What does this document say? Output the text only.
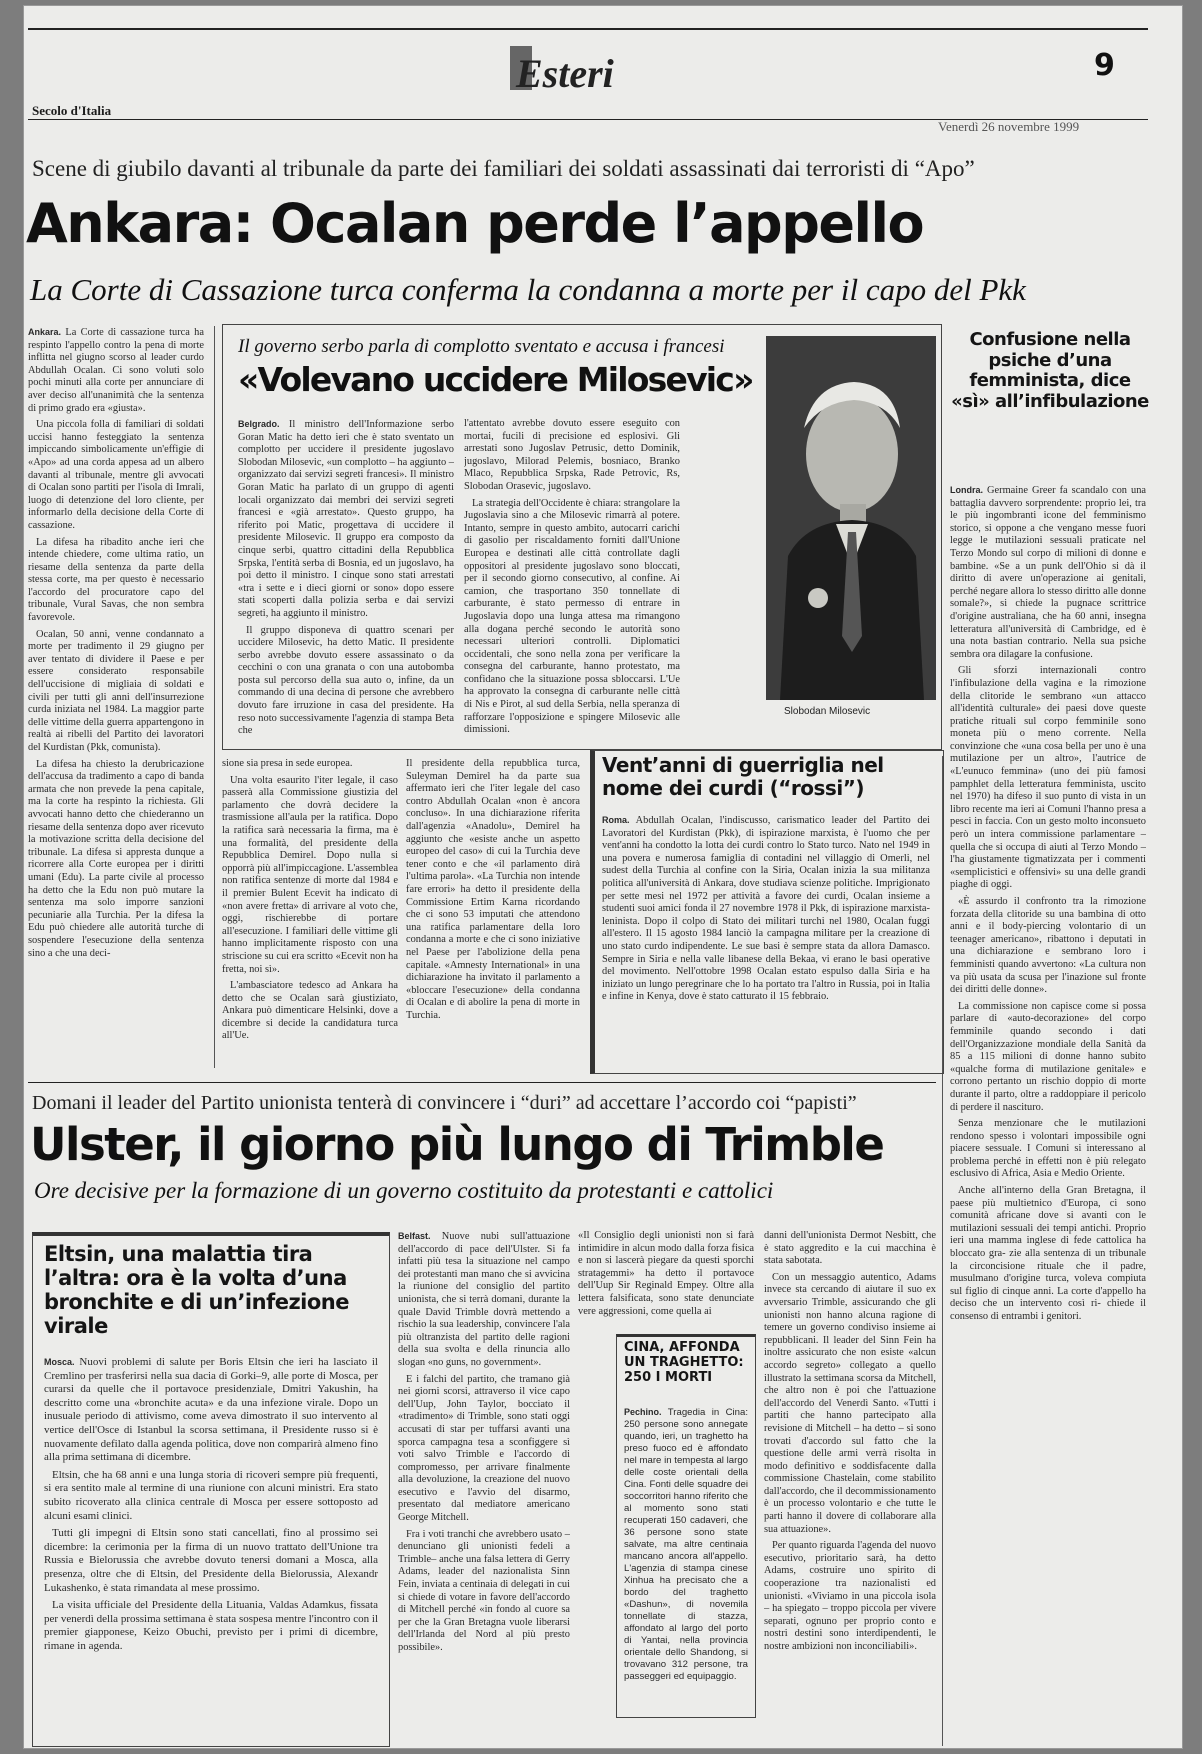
Esteri	9
Secolo d'Italia
Venerdì 26 novembre 1999
Scene di giubilo davanti al tribunale da parte dei familiari dei soldati assassinati dai terroristi di “Apo”
Ankara: Ocalan perde l’appello
La Corte di Cassazione turca conferma la condanna a morte per il capo del Pkk

Ankara. La Corte di cassazione turca ha respinto l'appello contro la pena di morte inflitta nel giugno scorso al leader curdo Abdullah Ocalan. Ci sono voluti solo pochi minuti alla corte per annunciare di aver deciso all'unanimità che la sentenza di primo grado era «giusta».

Una piccola folla di familiari di soldati uccisi hanno festeggiato la sentenza impiccando simbolicamente un'effigie di «Apo» ad una corda appesa ad un albero davanti al tribunale, mentre gli avvocati di Ocalan sono partiti per l'isola di Imrali, luogo di detenzione del loro cliente, per informarlo della decisione della Corte di cassazione.

La difesa ha ribadito anche ieri che intende chiedere, come ultima ratio, un riesame della sentenza da parte della stessa corte, ma per questo è necessario l'accordo del procuratore capo del tribunale, Vural Savas, che non sembra favorevole.

Ocalan, 50 anni, venne condannato a morte per tradimento il 29 giugno per aver tentato di dividere il Paese e per essere considerato responsabile dell'uccisione di migliaia di soldati e civili per tutti gli anni dell'insurrezione curda iniziata nel 1984. La maggior parte delle vittime della guerra appartengono in realtà ai ribelli del Partito dei lavoratori del Kurdistan (Pkk, comunista).

La difesa ha chiesto la derubricazione dell'accusa da tradimento a capo di banda armata che non prevede la pena capitale, ma la corte ha respinto la richiesta. Gli avvocati hanno detto che chiederanno un riesame della sentenza dopo aver ricevuto la motivazione scritta della decisione del tribunale. La difesa si appresta dunque a ricorrere alla Corte europea per i diritti umani (Edu). La parte civile al processo ha detto che la Edu non può mutare la sentenza ma solo imporre sanzioni pecuniarie alla Turchia. Per la difesa la Edu può chiedere alle autorità turche di sospendere l'esecuzione della sentenza sino a che una deci-

sione sia presa in sede europea.

Una volta esaurito l'iter legale, il caso passerà alla Commissione giustizia del parlamento che dovrà decidere la trasmissione all'aula per la ratifica. Dopo la ratifica sarà necessaria la firma, ma è una formalità, del presidente della Repubblica Demirel. Dopo nulla si opporrà più all'impiccagione. L'assemblea non ratifica sentenze di morte dal 1984 e il premier Bulent Ecevit ha indicato di «non avere fretta» di arrivare al voto che, oggi, rischierebbe di portare all'esecuzione. I familiari delle vittime gli hanno implicitamente risposto con una striscione su cui era scritto «Ecevit non ha fretta, noi sì».

L'ambasciatore tedesco ad Ankara ha detto che se Ocalan sarà giustiziato, Ankara può dimenticare Helsinki, dove a dicembre si decide la candidatura turca all'Ue.

Il presidente della repubblica turca, Suleyman Demirel ha da parte sua affermato ieri che l'iter legale del caso contro Abdullah Ocalan «non è ancora concluso». In una dichiarazione riferita dall'agenzia «Anadolu», Demirel ha aggiunto che «esiste anche un aspetto europeo del caso» di cui la Turchia deve tener conto e che «il parlamento dirà l'ultima parola». «La Turchia non intende fare errori» ha detto il presidente della Commissione Ertim Karna ricordando che ci sono 53 imputati che attendono una ratifica parlamentare della loro condanna a morte e che ci sono iniziative nel Paese per l'abolizione della pena capitale. «Amnesty International» in una dichiarazione ha invitato il parlamento a «bloccare l'esecuzione» della condanna di Ocalan e di abolire la pena di morte in Turchia.

Il governo serbo parla di complotto sventato e accusa i francesi
«Volevano uccidere Milosevic»

Belgrado. Il ministro dell'Informazione serbo Goran Matic ha detto ieri che è stato sventato un complotto per uccidere il presidente jugoslavo Slobodan Milosevic, «un complotto – ha aggiunto – organizzato dai servizi segreti francesi». Il ministro Goran Matic ha parlato di un gruppo di agenti locali organizzato dai membri dei servizi segreti francesi e «già arrestato». Questo gruppo, ha riferito poi Matic, progettava di uccidere il presidente Milosevic. Il gruppo era composto da cinque serbi, quattro cittadini della Repubblica Srpska, l'entità serba di Bosnia, ed un jugoslavo, ha poi detto il ministro. I cinque sono stati arrestati «tra i sette e i dieci giorni or sono» dopo essere stati scoperti dalla polizia serba e dai servizi segreti, ha aggiunto il ministro.

Il gruppo disponeva di quattro scenari per uccidere Milosevic, ha detto Matic. Il presidente serbo avrebbe dovuto essere assassinato o da cecchini o con una granata o con una autobomba posta sul percorso della sua auto o, infine, da un commando di una decina di persone che avrebbero dovuto fare irruzione in casa del presidente. Ha reso noto successivamente l'agenzia di stampa Beta che

l'attentato avrebbe dovuto essere eseguito con mortai, fucili di precisione ed esplosivi. Gli arrestati sono Jugoslav Petrusic, detto Dominik, jugoslavo, Milorad Pelemis, bosniaco, Branko Mlaco, Repubblica Srpska, Rade Petrovic, Rs, Slobodan Orasevic, jugoslavo.

La strategia dell'Occidente è chiara: strangolare la Jugoslavia sino a che Milosevic rimarrà al potere. Intanto, sempre in questo ambito, autocarri carichi di gasolio per riscaldamento forniti dall'Unione Europea e destinati alle città controllate dagli oppositori al presidente jugoslavo sono bloccati, per il secondo giorno consecutivo, al confine. Ai camion, che trasportano 350 tonnellate di carburante, è stato permesso di entrare in Jugoslavia dopo una lunga attesa ma rimangono alla dogana perché secondo le autorità sono necessari ulteriori controlli. Diplomatici occidentali, che sono nella zona per verificare la consegna del carburante, hanno protestato, ma confidano che la situazione possa sbloccarsi. L'Ue ha approvato la consegna di carburante nelle città di Nis e Pirot, al sud della Serbia, nella speranza di rafforzare l'opposizione e spingere Milosevic alle dimissioni.

Slobodan Milosevic
Confusione nella psiche d’una femminista, dice «sì» all’infibulazione

Londra. Germaine Greer fa scandalo con una battaglia davvero sorprendente: proprio lei, tra le più ingombranti icone del femminismo storico, si oppone a che vengano messe fuori legge le mutilazioni sessuali praticate nel Terzo Mondo sul corpo di milioni di donne e bambine. «Se a un punk dell'Ohio si dà il diritto di avere un'operazione ai genitali, perché negare allora lo stesso diritto alle donne somale?», si chiede la pugnace scrittrice d'origine australiana, che ha 60 anni, insegna letteratura all'università di Cambridge, ed è una nota bastian contrario. Nella sua psiche sembra ora dilagare la confusione.

Gli sforzi internazionali contro l'infibulazione della vagina e la rimozione della clitoride le sembrano «un attacco all'identità culturale» dei paesi dove queste pratiche rituali sul corpo femminile sono moneta più o meno corrente. Nella convinzione che «una cosa bella per uno è una mutilazione per un altro», l'autrice de «L'eunuco femmina» (uno dei più famosi pamphlet della letteratura femminista, uscito nel 1970) ha difeso il suo punto di vista in un libro recente ma ieri ai Comuni l'hanno presa a pesci in faccia. Con un gesto molto inconsueto però un intera commissione parlamentare – quella che si occupa di aiuti al Terzo Mondo – l'ha giustamente tigmatizzata per i commenti «semplicistici e offensivi» su una delle grandi piaghe di oggi.

«È assurdo il confronto tra la rimozione forzata della clitoride su una bambina di otto anni e il body-piercing volontario di un teenager americano», ribattono i deputati in una dichiarazione e sembrano loro i femministi quando avvertono: «La cultura non va più usata da scusa per l'inazione sul fronte dei diritti delle donne».

La commissione non capisce come si possa parlare di «auto-decorazione» del corpo femminile quando secondo i dati dell'Organizzazione mondiale della Sanità da 85 a 115 milioni di donne hanno subito «qualche forma di mutilazione genitale» e corrono pertanto un rischio doppio di morte durante il parto, oltre a raddoppiare il pericolo di perdere il nascituro.

Senza menzionare che le mutilazioni rendono spesso i volontari impossibile ogni piacere sessuale. I Comuni si interessano al problema perché in effetti non è più relegato esclusivo di Africa, Asia e Medio Oriente.

Anche all'interno della Gran Bretagna, il paese più multietnico d'Europa, ci sono comunità africane dove si avanti con le mutilazioni sessuali dei tempi antichi. Proprio ieri una mamma inglese di fede cattolica ha bloccato gra- zie alla sentenza di un tribunale la circoncisione rituale che il padre, musulmano d'origine turca, voleva compiuta sul figlio di cinque anni. La corte d'appello ha deciso che un intervento così ri- chiede il consenso di entrambi i genitori.

Vent’anni di guerriglia nel nome dei curdi (“rossi”)

Roma. Abdullah Ocalan, l'indiscusso, carismatico leader del Partito dei Lavoratori del Kurdistan (Pkk), di ispirazione marxista, è l'uomo che per vent'anni ha condotto la lotta dei curdi contro lo Stato turco. Nato nel 1949 in una povera e numerosa famiglia di contadini nel villaggio di Omerli, nel sudest della Turchia al confine con la Siria, Ocalan inizia la sua militanza politica all'università di Ankara, dove studiava scienze politiche. Imprigionato per sette mesi nel 1972 per attività a favore dei curdi, Ocalan insieme a studenti suoi amici fonda il 27 novembre 1978 il Pkk, di ispirazione marxista-leninista. Dopo il colpo di Stato dei militari turchi nel 1980, Ocalan fuggì all'estero. Il 15 agosto 1984 lanciò la campagna militare per la creazione di uno stato curdo indipendente. Le sue basi è sempre stata da allora Damasco. Sempre in Siria e nella valle libanese della Bekaa, vi erano le basi operative del movimento. Nell'ottobre 1998 Ocalan estato espulso dalla Siria e ha iniziato un lungo peregrinare che lo ha portato tra l'altro in Russia, poi in Italia e infine in Kenya, dove è stato catturato il 15 febbraio.

Domani il leader del Partito unionista tenterà di convincere i “duri” ad accettare l’accordo coi “papisti”
Ulster, il giorno più lungo di Trimble
Ore decisive per la formazione di un governo costituito da protestanti e cattolici

Belfast. Nuove nubi sull'attuazione dell'accordo di pace dell'Ulster. Si fa infatti più tesa la situazione nel campo dei protestanti man mano che si avvicina la riunione del consiglio del partito unionista, che si terrà domani, durante la quale David Trimble dovrà mettendo a rischio la sua leadership, convincere l'ala più oltranzista del partito delle ragioni della sua svolta e della rinuncia allo slogan «no guns, no government».

E i falchi del partito, che tramano già nei giorni scorsi, attraverso il vice capo dell'Uup, John Taylor, bocciato il «tradimento» di Trimble, sono stati oggi accusati di star per tuffarsi avanti una sporca campagna tesa a sconfiggere sì voti salvo Trimble e l'accordo di compromesso, per arrivare finalmente alla devoluzione, la creazione del nuovo esecutivo e l'avvio del disarmo, presentato dal mediatore americano George Mitchell.

Fra i voti tranchi che avrebbero usato – denunciano gli unionisti fedeli a Trimble– anche una falsa lettera di Gerry Adams, leader del nazionalista Sinn Fein, inviata a centinaia di delegati in cui si chiede di votare in favore dell'accordo di Mitchell perché «in fondo al cuore sa per che la Gran Bretagna vuole liberarsi dell'Irlanda del Nord al più presto possibile».

«Il Consiglio degli unionisti non si farà intimidire in alcun modo dalla forza fisica e non si lascerà piegare da questi sporchi stratagemmi» ha detto il portavoce dell'Uup Sir Reginald Empey. Oltre alla lettera falsificata, sono state denunciate vere aggressioni, come quella ai

danni dell'unionista Dermot Nesbitt, che è stato aggredito e la cui macchina è stata sabotata.

Con un messaggio autentico, Adams invece sta cercando di aiutare il suo ex avversario Trimble, assicurando che gli unionisti non hanno alcuna ragione di temere un governo condiviso insieme ai repubblicani. Il leader del Sinn Fein ha inoltre assicurato che non esiste «alcun accordo segreto» collegato a quello illustrato la settimana scorsa da Mitchell, che altro non è poi che l'attuazione dell'accordo del Venerdì Santo. «Tutti i partiti che hanno partecipato alla revisione di Mitchell – ha detto – si sono trovati d'accordo sul fatto che la questione delle armi verrà risolta in modo definitivo e soddisfacente dalla commissione Chastelain, come stabilito dall'accordo, che il decommissionamento è un processo volontario e che tutte le parti hanno il dovere di collaborare alla sua attuazione».

Per quanto riguarda l'agenda del nuovo esecutivo, prioritario sarà, ha detto Adams, costruire uno spirito di cooperazione tra nazionalisti ed unionisti. «Viviamo in una piccola isola – ha spiegato – troppo piccola per vivere separati, ognuno per proprio conto e nostri destini sono interdipendenti, le nostre ambizioni non inconciliabili».

Eltsin, una malattia tira l’altra: ora è la volta d’una bronchite e di un’infezione virale

Mosca. Nuovi problemi di salute per Boris Eltsin che ieri ha lasciato il Cremlino per trasferirsi nella sua dacia di Gorki–9, alle porte di Mosca, per curarsi da quelle che il portavoce presidenziale, Dmitri Yakushin, ha descritto come una «bronchite acuta» e da una infezione virale. Dopo un inusuale periodo di attivismo, come aveva dimostrato il suo intervento al vertice dell'Osce di Istanbul la scorsa settimana, il Presidente russo si è nuovamente defilato dalla agenda politica, dove non comparirà almeno fino alla prima settimana di dicembre.

Eltsin, che ha 68 anni e una lunga storia di ricoveri sempre più frequenti, si era sentito male al termine di una riunione con alcuni ministri. Era stato subito ricoverato alla clinica centrale di Mosca per essere sottoposto ad alcuni esami clinici.

Tutti gli impegni di Eltsin sono stati cancellati, fino al prossimo sei dicembre: la cerimonia per la firma di un nuovo trattato dell'Unione tra Russia e Bielorussia che avrebbe dovuto tenersi domani a Mosca, alla presenza, oltre che di Eltsin, del Presidente della Bielorussia, Alexandr Lukashenko, è stata rimandata al mese prossimo.

La visita ufficiale del Presidente della Lituania, Valdas Adamkus, fissata per venerdì della prossima settimana è stata sospesa mentre l'incontro con il premier giapponese, Keizo Obuchi, previsto per i primi di dicembre, rimane in agenda.

CINA, AFFONDA UN TRAGHETTO: 250 I MORTI

Pechino. Tragedia in Cina: 250 persone sono annegate quando, ieri, un traghetto ha preso fuoco ed è affondato nel mare in tempesta al largo delle coste orientali della Cina. Fonti delle squadre dei soccorritori hanno riferito che al momento sono stati recuperati 150 cadaveri, che 36 persone sono state salvate, ma altre centinaia mancano ancora all'appello. L'agenzia di stampa cinese Xinhua ha precisato che a bordo del traghetto «Dashun», di novemila tonnellate di stazza, affondato al largo del porto di Yantai, nella provincia orientale dello Shandong, si trovavano 312 persone, tra passeggeri ed equipaggio.
